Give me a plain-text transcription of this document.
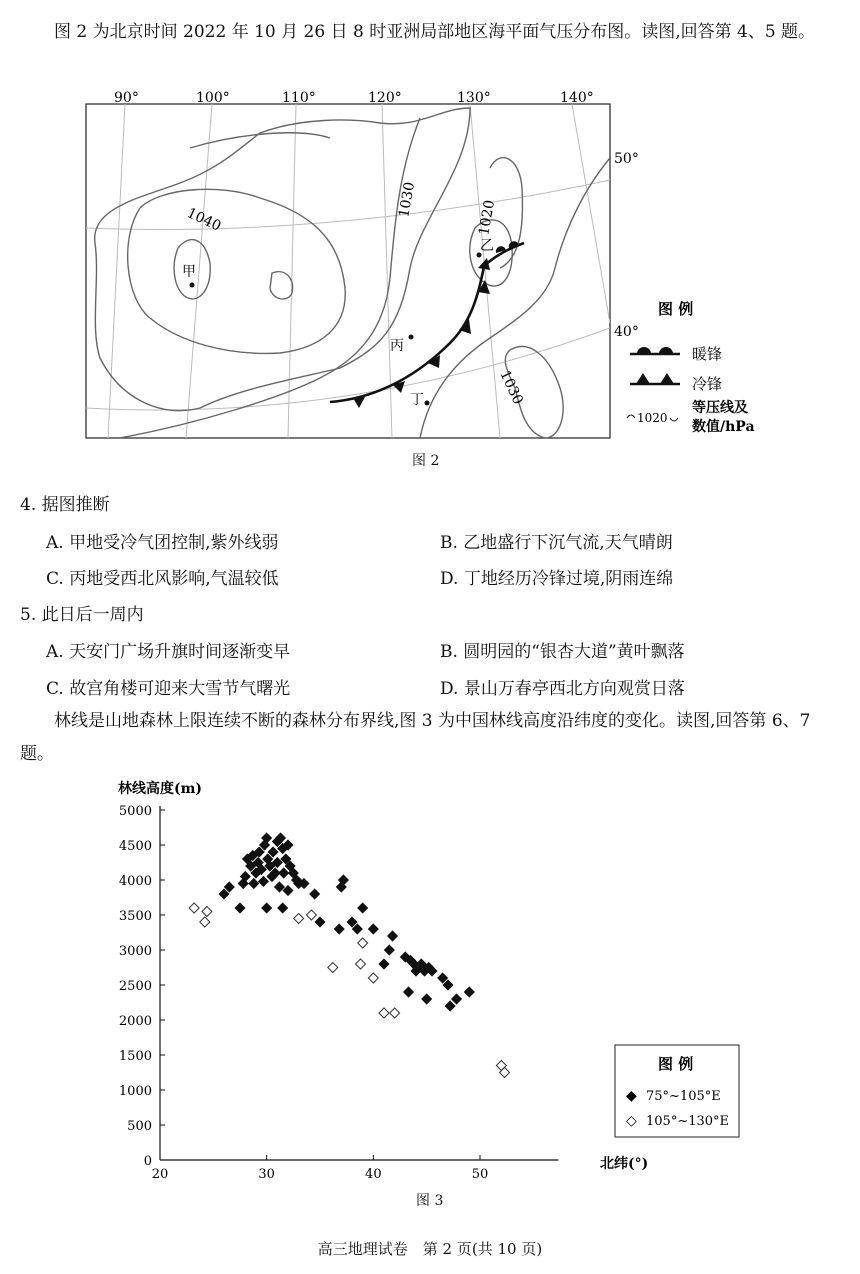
图 2 为北京时间 2022 年 10 月 26 日 8 时亚洲局部地区海平面气压分布图。读图,回答第 4、5 题。
90°	100°	110°	120°	130°	140°
1040
1030	1020
1030
50°
40°
甲
乙
丙
丁
图 例
暖锋
冷锋
1020
等压线及
数值/hPa
图 2
4. 据图推断
A. 甲地受冷气团控制,紫外线弱	B. 乙地盛行下沉气流,天气晴朗
C. 丙地受西北风影响,气温较低	D. 丁地经历冷锋过境,阴雨连绵
5. 此日后一周内
A. 天安门广场升旗时间逐渐变早	B. 圆明园的“银杏大道”黄叶飘落
C. 故宫角楼可迎来大雪节气曙光	D. 景山万春亭西北方向观赏日落
林线是山地森林上限连续不断的森林分布界线,图 3 为中国林线高度沿纬度的变化。读图,回答第 6、7 题。
林线高度(m)
北纬(°)
0
500
1000
1500
2000
2500
3000
3500
4000
4500
5000
20	30	40	50
图 例
◆ 75°~105°E
◇ 105°~130°E
图 3
高三地理试卷　第 2 页(共 10 页)
